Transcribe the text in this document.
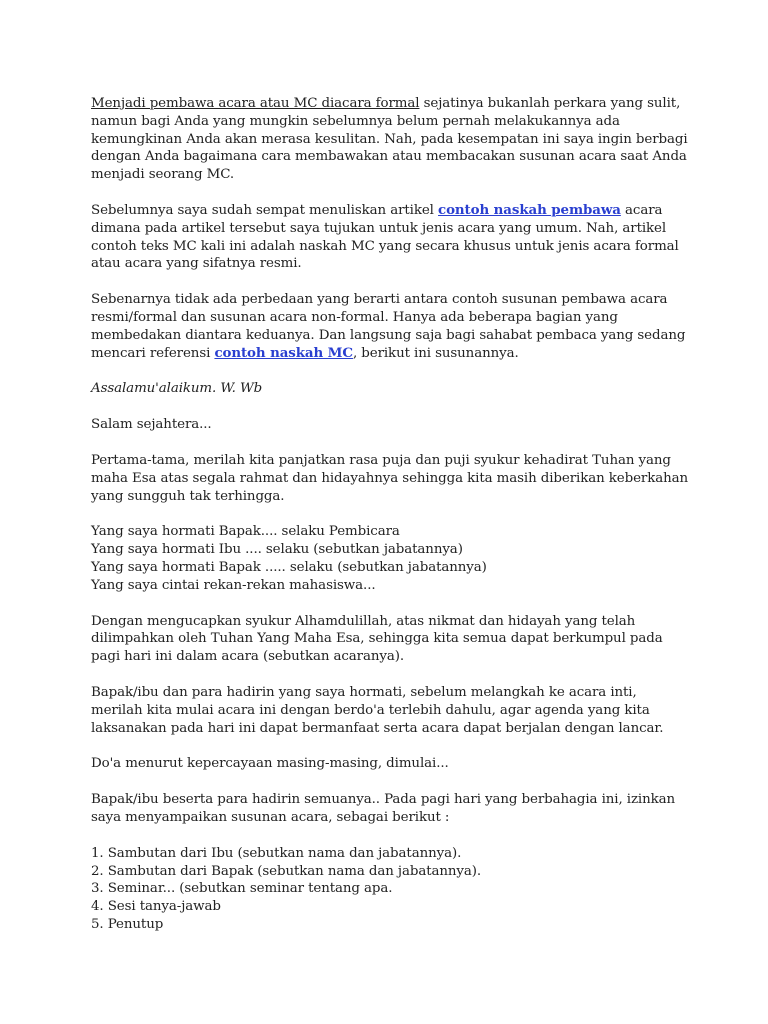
Menjadi pembawa acara atau MC diacara formal sejatinya bukanlah perkara yang sulit, namun bagi Anda yang mungkin sebelumnya belum pernah melakukannya ada kemungkinan Anda akan merasa kesulitan. Nah, pada kesempatan ini saya ingin berbagi dengan Anda bagaimana cara membawakan atau membacakan susunan acara saat Anda menjadi seorang MC.

Sebelumnya saya sudah sempat menuliskan artikel contoh naskah pembawa acara dimana pada artikel tersebut saya tujukan untuk jenis acara yang umum. Nah, artikel contoh teks MC kali ini adalah naskah MC yang secara khusus untuk jenis acara formal atau acara yang sifatnya resmi.

Sebenarnya tidak ada perbedaan yang berarti antara contoh susunan pembawa acara resmi/formal dan susunan acara non-formal. Hanya ada beberapa bagian yang membedakan diantara keduanya. Dan langsung saja bagi sahabat pembaca yang sedang mencari referensi contoh naskah MC, berikut ini susunannya.

Assalamu'alaikum. W. Wb

Salam sejahtera...

Pertama-tama, merilah kita panjatkan rasa puja dan puji syukur kehadirat Tuhan yang maha Esa atas segala rahmat dan hidayahnya sehingga kita masih diberikan keberkahan yang sungguh tak terhingga.

Yang saya hormati Bapak.... selaku Pembicara
Yang saya hormati Ibu .... selaku (sebutkan jabatannya)
Yang saya hormati Bapak ..... selaku (sebutkan jabatannya)
Yang saya cintai rekan-rekan mahasiswa...

Dengan mengucapkan syukur Alhamdulillah, atas nikmat dan hidayah yang telah dilimpahkan oleh Tuhan Yang Maha Esa, sehingga kita semua dapat berkumpul pada pagi hari ini dalam acara (sebutkan acaranya).

Bapak/ibu dan para hadirin yang saya hormati, sebelum melangkah ke acara inti, merilah kita mulai acara ini dengan berdo'a terlebih dahulu, agar agenda yang kita laksanakan pada hari ini dapat bermanfaat serta acara dapat berjalan dengan lancar.

Do'a menurut kepercayaan masing-masing, dimulai...

Bapak/ibu beserta para hadirin semuanya.. Pada pagi hari yang berbahagia ini, izinkan saya menyampaikan susunan acara, sebagai berikut :

1. Sambutan dari Ibu (sebutkan nama dan jabatannya).
2. Sambutan dari Bapak (sebutkan nama dan jabatannya).
3. Seminar... (sebutkan seminar tentang apa.
4. Sesi tanya-jawab
5. Penutup
